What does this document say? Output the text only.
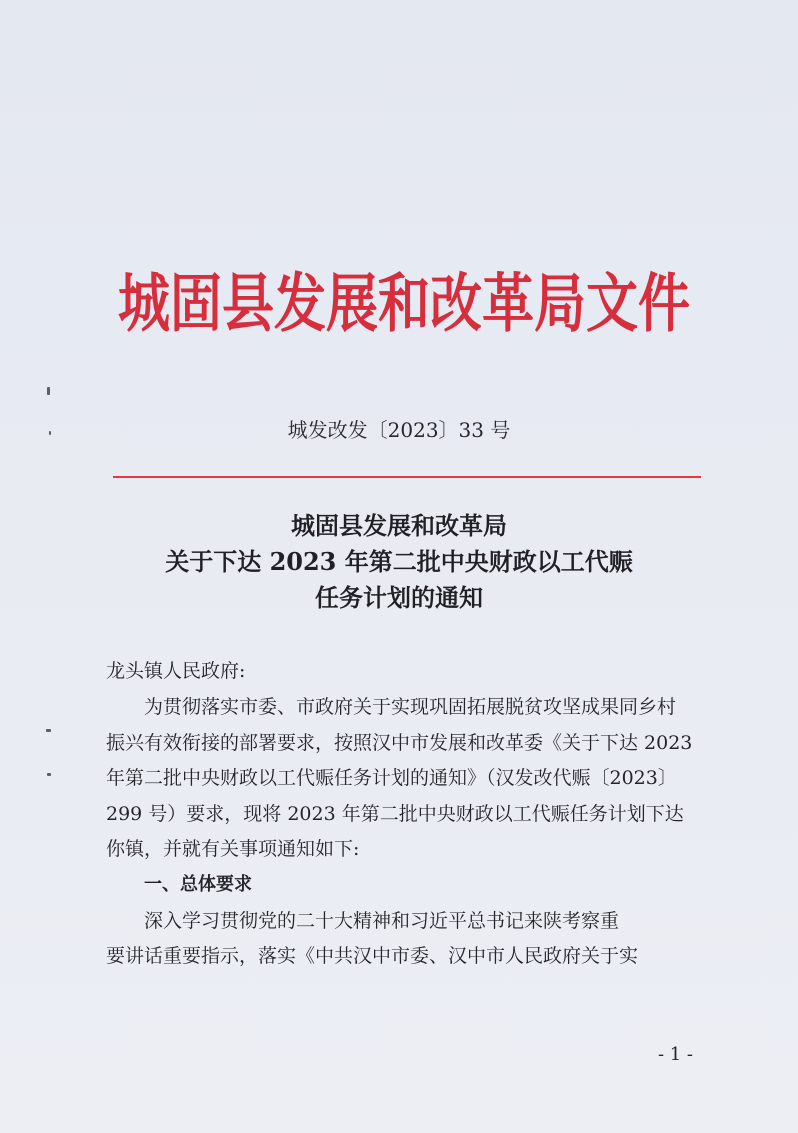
城固县发展和改革局文件
城发改发〔2023〕33 号
城固县发展和改革局
关于下达 2023 年第二批中央财政以工代赈
任务计划的通知
龙头镇人民政府:
为贯彻落实市委、市政府关于实现巩固拓展脱贫攻坚成果同乡村
振兴有效衔接的部署要求，按照汉中市发展和改革委《关于下达 2023
年第二批中央财政以工代赈任务计划的通知》（汉发改代赈〔2023〕
299 号）要求，现将 2023 年第二批中央财政以工代赈任务计划下达
你镇，并就有关事项通知如下:
一、总体要求
深入学习贯彻党的二十大精神和习近平总书记来陕考察重
要讲话重要指示，落实《中共汉中市委、汉中市人民政府关于实
- 1 -
